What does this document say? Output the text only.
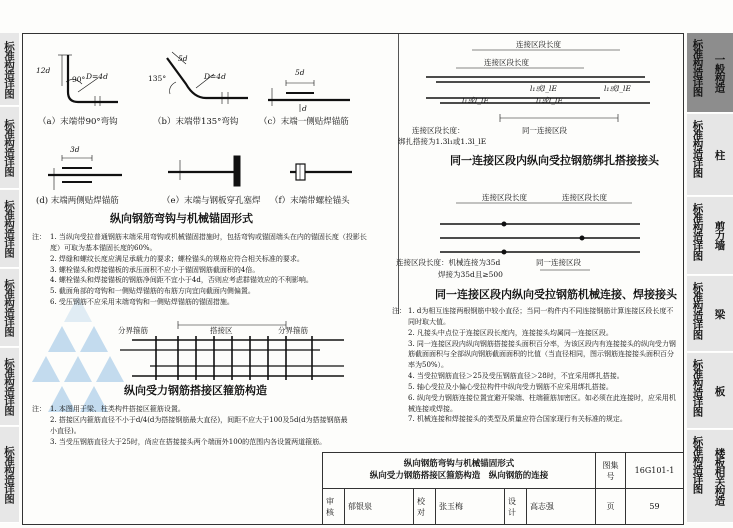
标准构造详图
标准构造详图
标准构造详图
标准构造详图
标准构造详图
标准构造详图
标准构造详图 一般构造
标准构造详图 柱
标准构造详图 剪力墙
标准构造详图 梁
标准构造详图 板
标准构造详图 楼板相关构造
12d
90° D=4d	135°
5d
D=4d	5d
d
3d
（a）末端带90°弯钩	（b）末端带135°弯钩 （c）末端一侧贴焊锚筋
(d) 末端两侧贴焊锚筋	（e）末端与钢板穿孔塞焊 （f）末端带螺栓锚头
纵向钢筋弯钩与机械锚固形式
注： 1. 当纵向受拉普通钢筋末端采用弯钩或机械锚固措施时，包括弯钩或锚固端头在内的锚固长度（投影长度）可取为基本锚固长度的60%。
2. 焊缝和螺纹长度应满足承载力的要求；螺栓锚头的规格应符合相关标准的要求。
3. 螺栓锚头和焊接锚板的承压面积不应小于锚固钢筋截面积的4倍。
4. 螺栓锚头和焊接锚板的钢筋净间距不宜小于4d，否则应考虑群锚效应的不利影响。
5. 截面角部的弯钩和一侧贴焊锚筋的布筋方向宜向截面内侧偏置。
6. 受压钢筋不应采用末端弯钩和一侧贴焊锚筋的锚固措施。
分界箍筋	搭接区	分界箍筋
纵向受力钢筋搭接区箍筋构造
注： 1. 本图用于梁、柱类构件搭接区箍筋设置。
2. 搭接区内箍筋直径不小于d/4(d为搭接钢筋最大直径)，间距不应大于100及5d(d为搭接钢筋最小直径)。
3. 当受压钢筋直径大于25时，尚应在搭接接头两个端面外100的范围内各设置两道箍筋。
连接区段长度
连接区段长度
l₁或l_lE	l₁或l_lE
l₁或l_lE	l₁或l_lE
连接区段长度：
绑扎搭接为1.3l₁或1.3l_lE
同一连接区段
同一连接区段内纵向受拉钢筋绑扎搭接接头
连接区段长度	连接区段长度
连接区段长度：机械连接为35d
焊接为35d且≥500
同一连接区段
同一连接区段内纵向受拉钢筋机械连接、焊接接头
注： 1. d为相互连接两根钢筋中较小直径；当同一构件内不同连接钢筋计算连接区段长度不同时取大值。
2. 凡接头中点位于连接区段长度内，连接接头均属同一连接区段。
3. 同一连接区段内纵向钢筋搭接接头面积百分率，为该区段内有连接接头的纵向受力钢筋截面面积与全部纵向钢筋截面面积的比值（当直径相同，图示钢筋连接接头面积百分率为50%）。
4. 当受拉钢筋直径＞25及受压钢筋直径＞28时，不宜采用绑扎搭接。
5. 轴心受拉及小偏心受拉构件中纵向受力钢筋不应采用绑扎搭接。
6. 纵向受力钢筋连接位置宜避开梁端、柱端箍筋加密区。如必须在此连接时，应采用机械连接或焊接。
7. 机械连接和焊接接头的类型及质量应符合国家现行有关标准的规定。
纵向钢筋弯钩与机械锚固形式
纵向受力钢筋搭接区箍筋构造　纵向钢筋的连接						图集号	16G101-1
审核	郁银泉	校对	张玉梅	设计	高志强	页	59
